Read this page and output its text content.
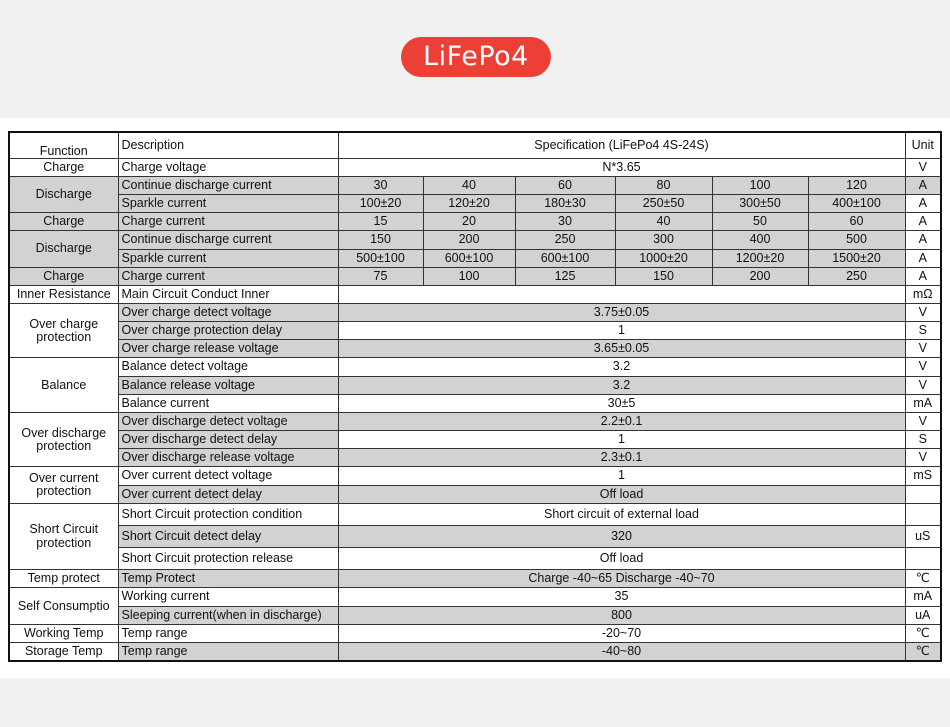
LiFePo4
Function	Description	Specification (LiFePo4 4S-24S)						Unit
Charge	Charge voltage	N*3.65						V
Discharge	Continue discharge current	30	40	60	80	100	120	A
	Sparkle current	100±20	120±20	180±30	250±50	300±50	400±100	A
Charge	Charge current	15	20	30	40	50	60	A
Discharge	Continue discharge current	150	200	250	300	400	500	A
	Sparkle current	500±100	600±100	600±100	1000±20	1200±20	1500±20	A
Charge	Charge current	75	100	125	150	200	250	A
Inner Resistance	Main Circuit Conduct Inner							mΩ
Over charge protection	Over charge detect voltage	3.75±0.05						V
	Over charge protection delay	1						S
	Over charge release voltage	3.65±0.05						V
Balance	Balance detect voltage	3.2						V
	Balance release voltage	3.2						V
	Balance current	30±5						mA
Over discharge protection	Over discharge detect voltage	2.2±0.1						V
	Over discharge detect delay	1						S
	Over discharge release voltage	2.3±0.1						V
Over current protection	Over current detect voltage	1						mS
	Over current detect delay	Off load						
Short Circuit protection	Short Circuit protection condition	Short circuit of external load						
	Short Circuit detect delay	320						uS
	Short Circuit protection release	Off load						
Temp protect	Temp Protect	Charge -40~65 Discharge -40~70						℃
Self Consumptio	Working current	35						mA
	Sleeping current(when in discharge)	800						uA
Working Temp	Temp range	-20~70						℃
Storage Temp	Temp range	-40~80						℃
